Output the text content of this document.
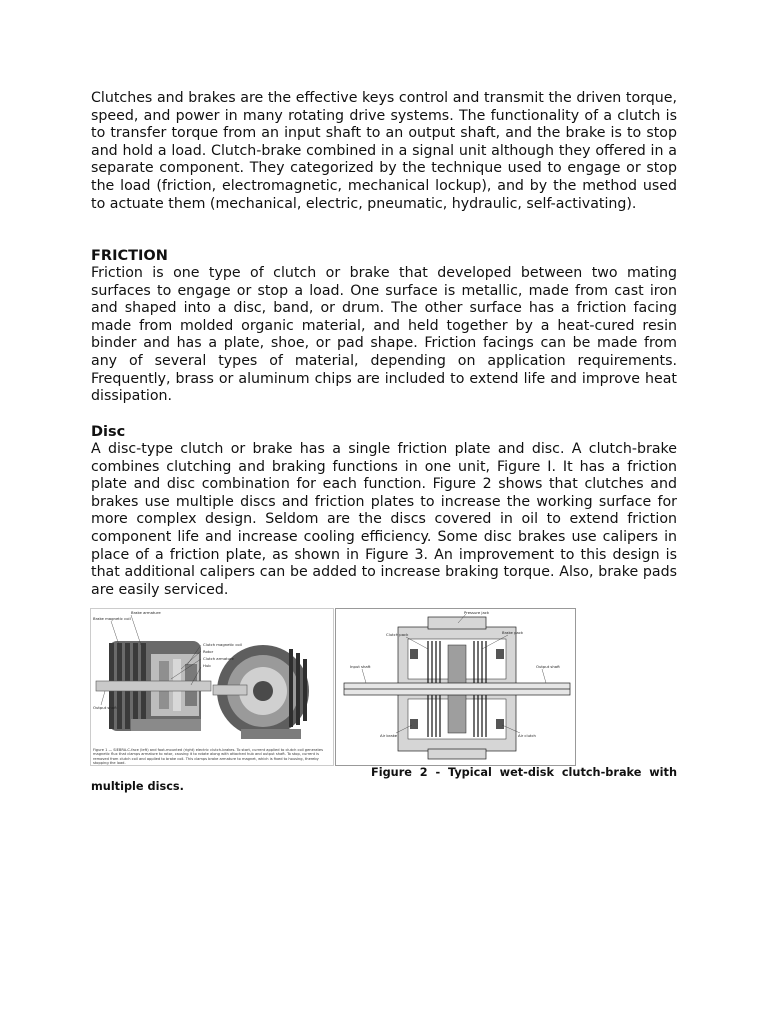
Clutches and brakes are the effective keys control and transmit the driven torque, speed, and power in many rotating drive systems. The functionality of a clutch is to transfer torque from an input shaft to an output shaft, and the brake is to stop and hold a load. Clutch-brake combined in a signal unit although they offered in a separate component. They categorized by the technique used to engage or stop the load (friction, electromagnetic, mechanical lockup), and by the method used to actuate them (mechanical, electric, pneumatic, hydraulic, self-activating).

FRICTION

Friction is one type of clutch or brake that developed between two mating surfaces to engage or stop a load. One surface is metallic, made from cast iron and shaped into a disc, band, or drum. The other surface has a friction facing made from molded organic material, and held together by a heat-cured resin binder and has a plate, shoe, or pad shape. Friction facings can be made from any of several types of material, depending on application requirements. Frequently, brass or aluminum chips are included to extend life and improve heat dissipation.

Disc

A disc-type clutch or brake has a single friction plate and disc. A clutch-brake combines clutching and braking functions in one unit, Figure I. It has a friction plate and disc combination for each function. Figure 2 shows that clutches and brakes use multiple discs and friction plates to increase the working surface for more complex design. Seldom are the discs covered in oil to extend friction component life and increase cooling efficiency. Some disc brakes use calipers in place of a friction plate, as shown in Figure 3. An improvement to this design is that additional calipers can be added to increase braking torque. Also, brake pads are easily serviced.

Brake armature
Brake magnetic coil
Clutch magnetic coil
Rotor
Clutch armature
Hub
Output shaft
Figure 1 — SIEBRA-C-face (left) and foot-mounted (right) electric clutch-brakes. To start, current applied to clutch coil generates magnetic flux that clamps armature to rotor, causing it to rotate along with attached hub and output shaft. To stop, current is removed from clutch coil and applied to brake coil. This clamps brake armature to magnet, which is fixed to housing, thereby stopping the load.
Pressure jack
Clutch pack	Brake pack
Input shaft	Output shaft
Air brake	Air clutch
Figure 2 - Typical wet-disk clutch-brake with
multiple discs.
